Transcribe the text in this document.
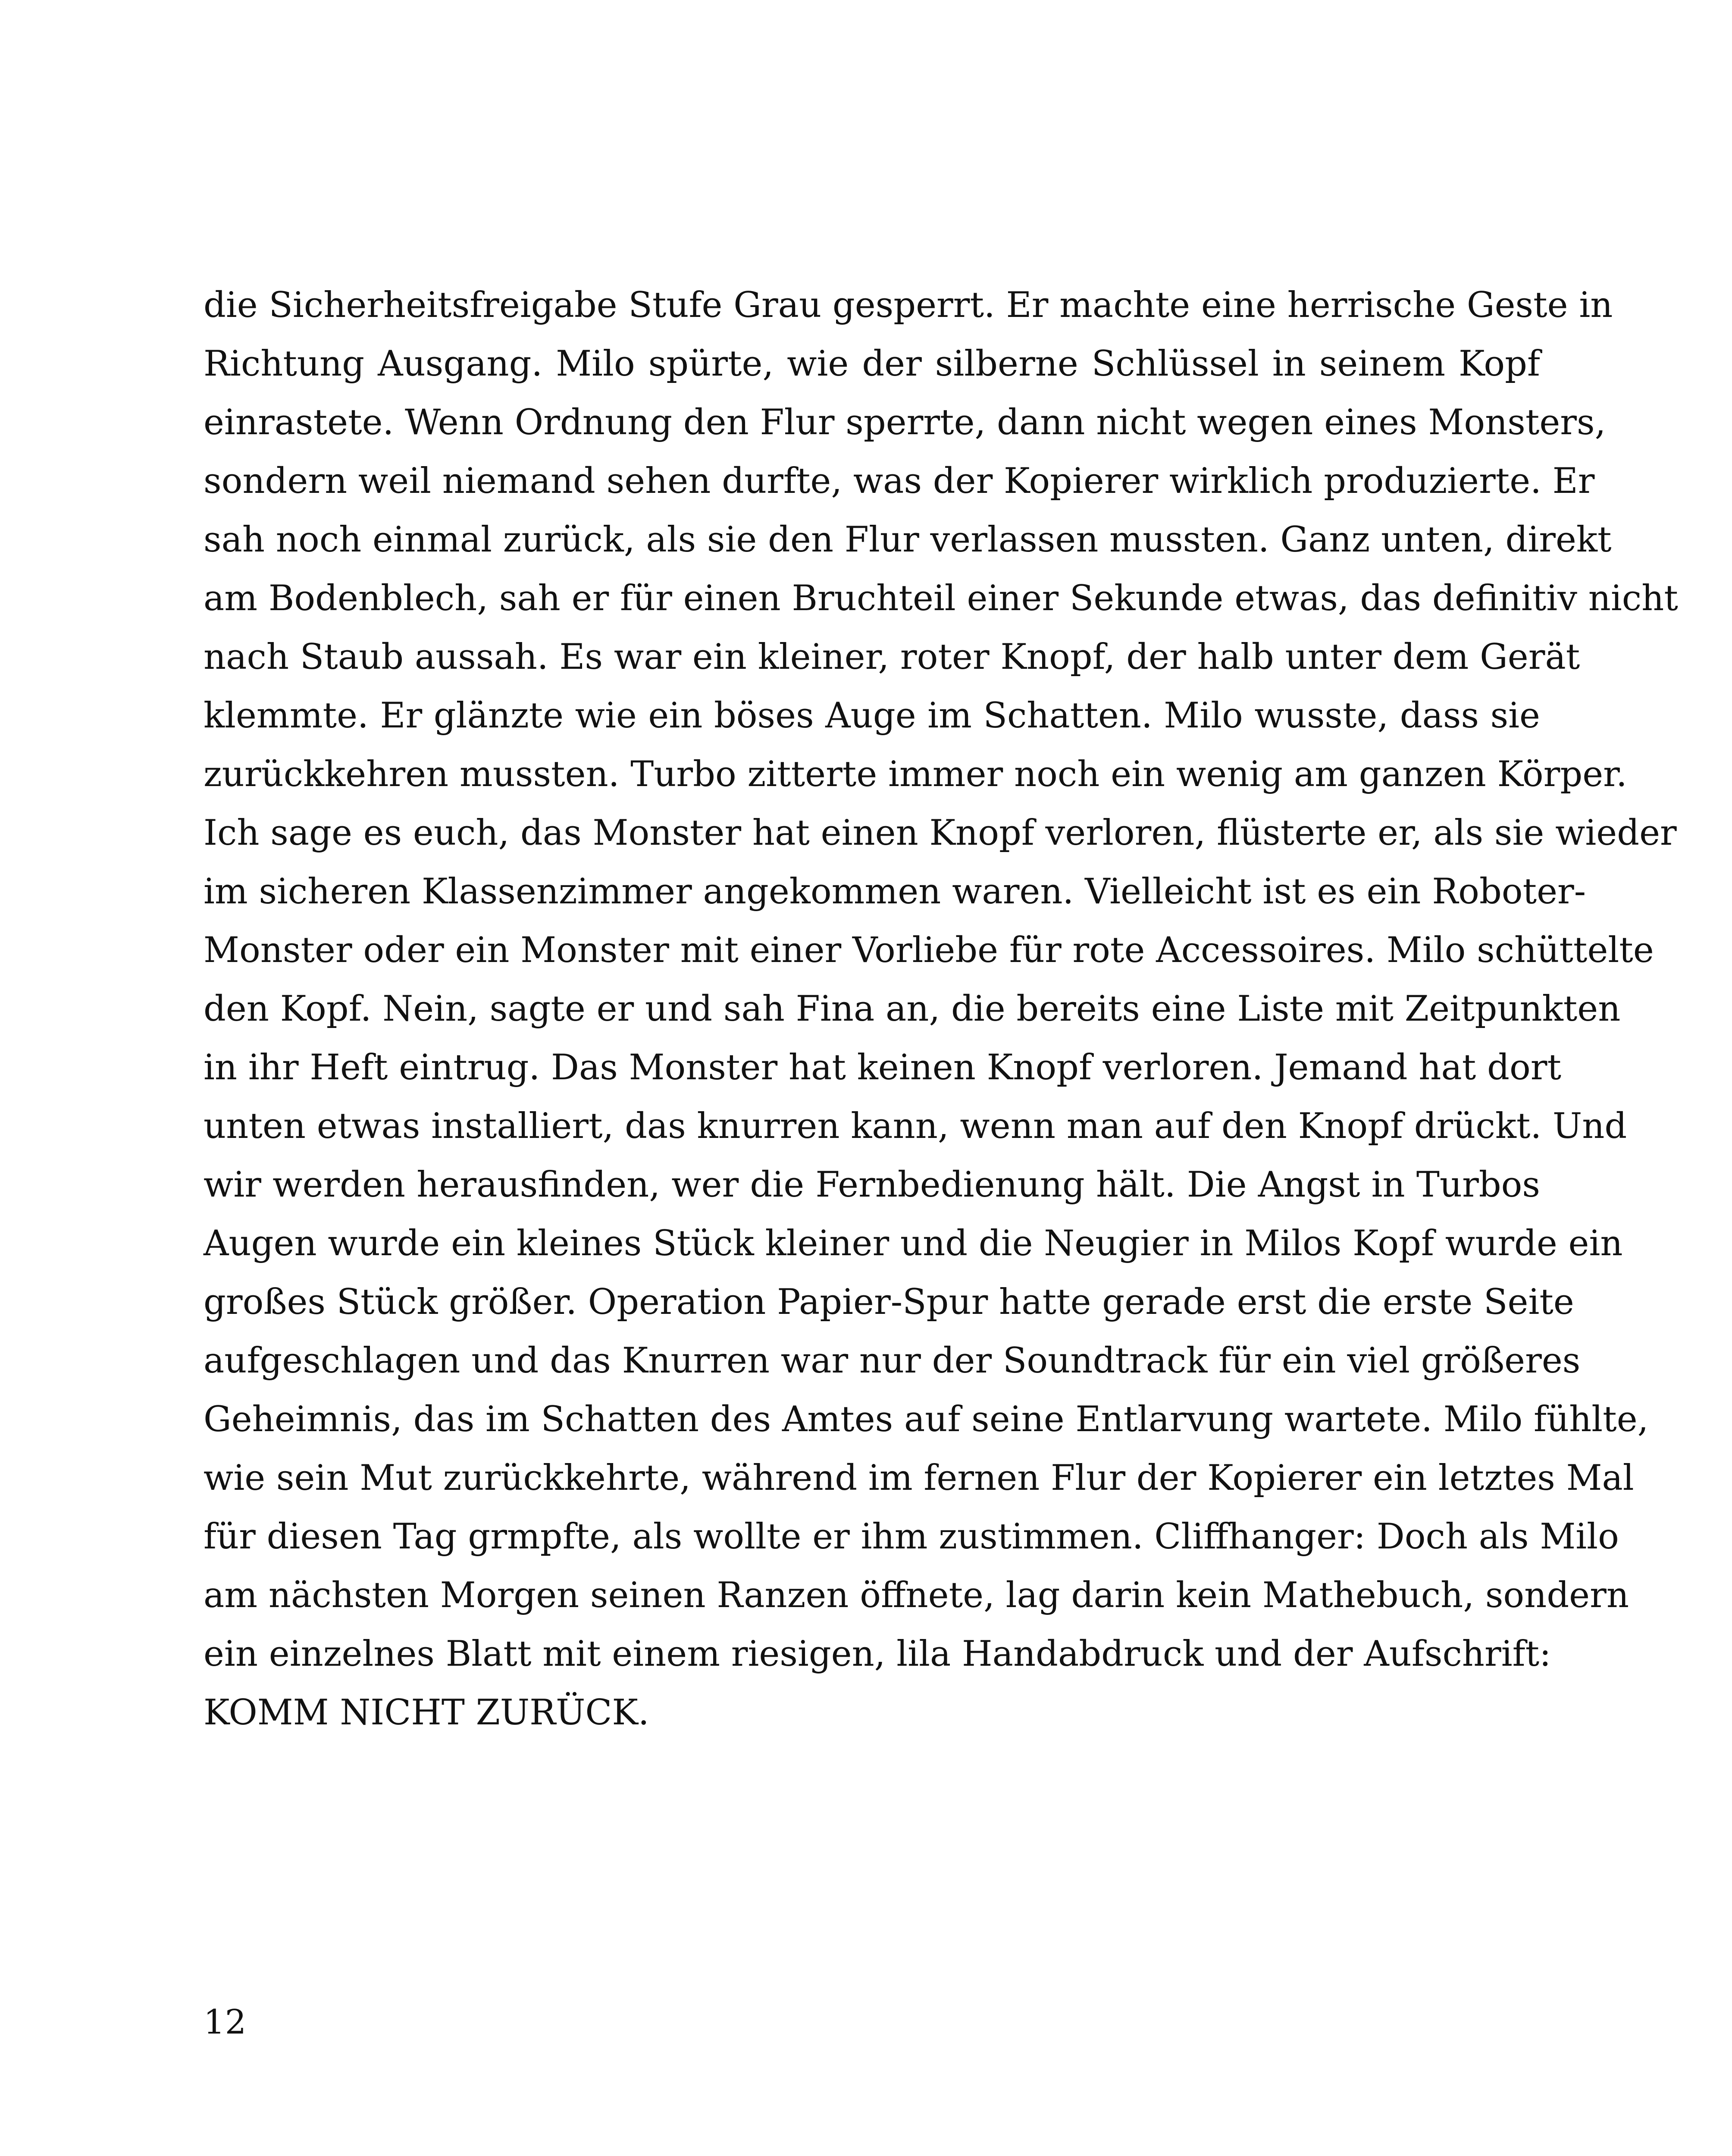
die Sicherheitsfreigabe Stufe Grau gesperrt. Er machte eine herrische Geste in
Richtung Ausgang. Milo spürte, wie der silberne Schlüssel in seinem Kopf
einrastete. Wenn Ordnung den Flur sperrte, dann nicht wegen eines Monsters,
sondern weil niemand sehen durfte, was der Kopierer wirklich produzierte. Er
sah noch einmal zurück, als sie den Flur verlassen mussten. Ganz unten, direkt
am Bodenblech, sah er für einen Bruchteil einer Sekunde etwas, das definitiv nicht
nach Staub aussah. Es war ein kleiner, roter Knopf, der halb unter dem Gerät
klemmte. Er glänzte wie ein böses Auge im Schatten. Milo wusste, dass sie
zurückkehren mussten. Turbo zitterte immer noch ein wenig am ganzen Körper.
Ich sage es euch, das Monster hat einen Knopf verloren, flüsterte er, als sie wieder
im sicheren Klassenzimmer angekommen waren. Vielleicht ist es ein Roboter-
Monster oder ein Monster mit einer Vorliebe für rote Accessoires. Milo schüttelte
den Kopf. Nein, sagte er und sah Fina an, die bereits eine Liste mit Zeitpunkten
in ihr Heft eintrug. Das Monster hat keinen Knopf verloren. Jemand hat dort
unten etwas installiert, das knurren kann, wenn man auf den Knopf drückt. Und
wir werden herausfinden, wer die Fernbedienung hält. Die Angst in Turbos
Augen wurde ein kleines Stück kleiner und die Neugier in Milos Kopf wurde ein
großes Stück größer. Operation Papier-Spur hatte gerade erst die erste Seite
aufgeschlagen und das Knurren war nur der Soundtrack für ein viel größeres
Geheimnis, das im Schatten des Amtes auf seine Entlarvung wartete. Milo fühlte,
wie sein Mut zurückkehrte, während im fernen Flur der Kopierer ein letztes Mal
für diesen Tag grmpfte, als wollte er ihm zustimmen. Cliffhanger: Doch als Milo
am nächsten Morgen seinen Ranzen öffnete, lag darin kein Mathebuch, sondern
ein einzelnes Blatt mit einem riesigen, lila Handabdruck und der Aufschrift:
KOMM NICHT ZURÜCK.
12
